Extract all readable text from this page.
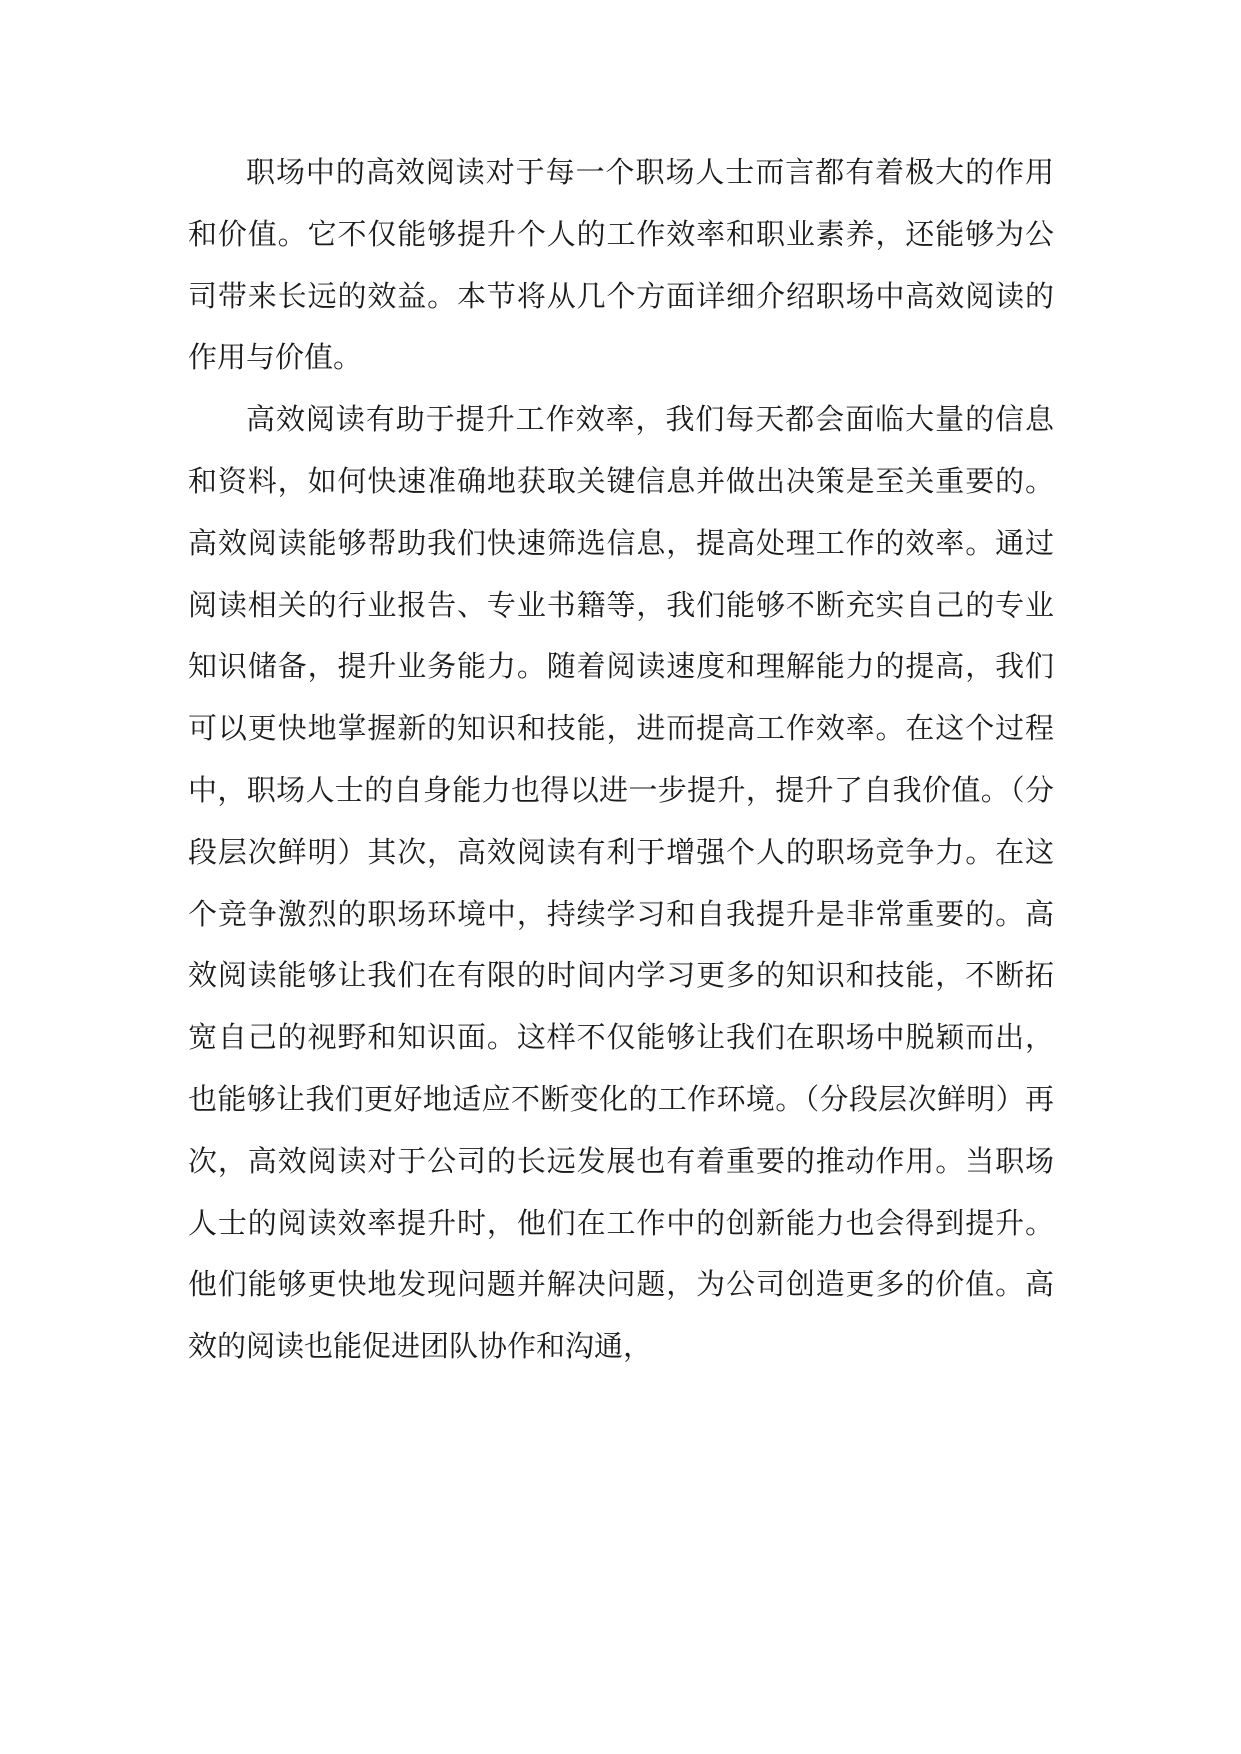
职场中的高效阅读对于每一个职场人士而言都有着极大的作用和价值。它不仅能够提升个人的工作效率和职业素养，还能够为公司带来长远的效益。本节将从几个方面详细介绍职场中高效阅读的作用与价值。

高效阅读有助于提升工作效率，我们每天都会面临大量的信息和资料，如何快速准确地获取关键信息并做出决策是至关重要的。高效阅读能够帮助我们快速筛选信息，提高处理工作的效率。通过阅读相关的行业报告、专业书籍等，我们能够不断充实自己的专业知识储备，提升业务能力。随着阅读速度和理解能力的提高，我们可以更快地掌握新的知识和技能，进而提高工作效率。在这个过程中，职场人士的自身能力也得以进一步提升，提升了自我价值。（分段层次鲜明）其次，高效阅读有利于增强个人的职场竞争力。在这个竞争激烈的职场环境中，持续学习和自我提升是非常重要的。高效阅读能够让我们在有限的时间内学习更多的知识和技能，不断拓宽自己的视野和知识面。这样不仅能够让我们在职场中脱颖而出，也能够让我们更好地适应不断变化的工作环境。（分段层次鲜明）再次，高效阅读对于公司的长远发展也有着重要的推动作用。当职场人士的阅读效率提升时，他们在工作中的创新能力也会得到提升。他们能够更快地发现问题并解决问题，为公司创造更多的价值。高效的阅读也能促进团队协作和沟通，
